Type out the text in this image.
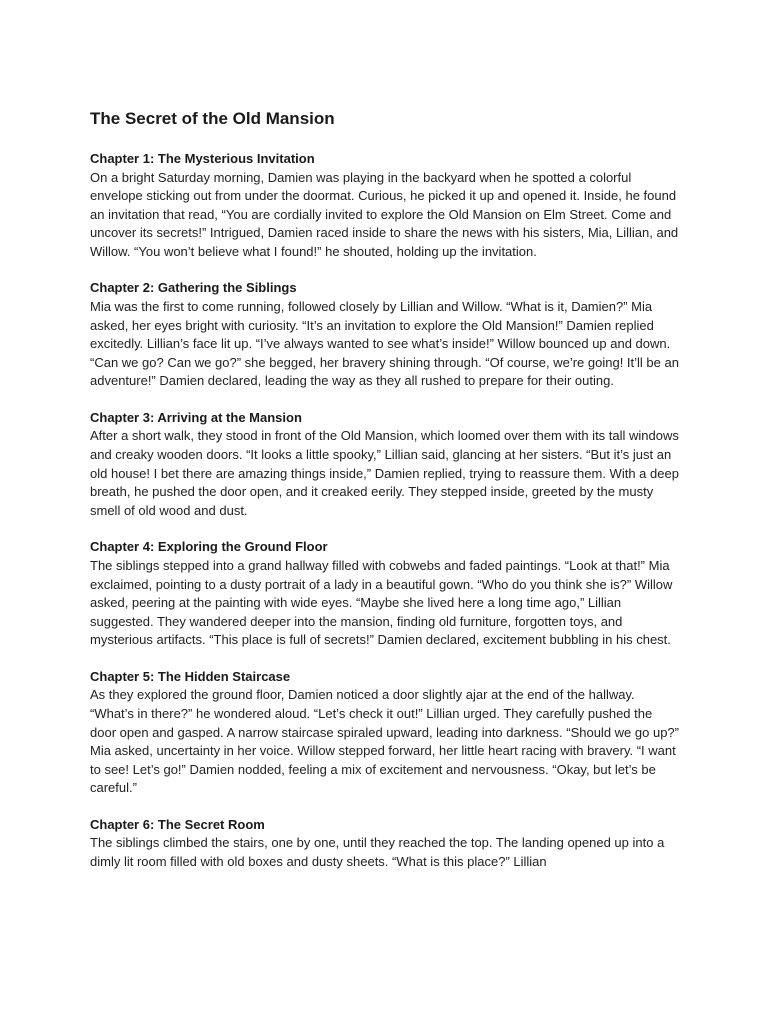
The Secret of the Old Mansion
Chapter 1: The Mysterious Invitation

On a bright Saturday morning, Damien was playing in the backyard when he spotted a colorful envelope sticking out from under the doormat. Curious, he picked it up and opened it. Inside, he found an invitation that read, “You are cordially invited to explore the Old Mansion on Elm Street. Come and uncover its secrets!” Intrigued, Damien raced inside to share the news with his sisters, Mia, Lillian, and Willow. “You won’t believe what I found!” he shouted, holding up the invitation.

Chapter 2: Gathering the Siblings

Mia was the first to come running, followed closely by Lillian and Willow. “What is it, Damien?” Mia asked, her eyes bright with curiosity. “It’s an invitation to explore the Old Mansion!” Damien replied excitedly. Lillian’s face lit up. “I’ve always wanted to see what’s inside!” Willow bounced up and down. “Can we go? Can we go?” she begged, her bravery shining through. “Of course, we’re going! It’ll be an adventure!” Damien declared, leading the way as they all rushed to prepare for their outing.

Chapter 3: Arriving at the Mansion

After a short walk, they stood in front of the Old Mansion, which loomed over them with its tall windows and creaky wooden doors. “It looks a little spooky,” Lillian said, glancing at her sisters. “But it’s just an old house! I bet there are amazing things inside,” Damien replied, trying to reassure them. With a deep breath, he pushed the door open, and it creaked eerily. They stepped inside, greeted by the musty smell of old wood and dust.

Chapter 4: Exploring the Ground Floor

The siblings stepped into a grand hallway filled with cobwebs and faded paintings. “Look at that!” Mia exclaimed, pointing to a dusty portrait of a lady in a beautiful gown. “Who do you think she is?” Willow asked, peering at the painting with wide eyes. “Maybe she lived here a long time ago,” Lillian suggested. They wandered deeper into the mansion, finding old furniture, forgotten toys, and mysterious artifacts. “This place is full of secrets!” Damien declared, excitement bubbling in his chest.

Chapter 5: The Hidden Staircase

As they explored the ground floor, Damien noticed a door slightly ajar at the end of the hallway. “What’s in there?” he wondered aloud. “Let’s check it out!” Lillian urged. They carefully pushed the door open and gasped. A narrow staircase spiraled upward, leading into darkness. “Should we go up?” Mia asked, uncertainty in her voice. Willow stepped forward, her little heart racing with bravery. “I want to see! Let’s go!” Damien nodded, feeling a mix of excitement and nervousness. “Okay, but let’s be careful.”

Chapter 6: The Secret Room

The siblings climbed the stairs, one by one, until they reached the top. The landing opened up into a dimly lit room filled with old boxes and dusty sheets. “What is this place?” Lillian
